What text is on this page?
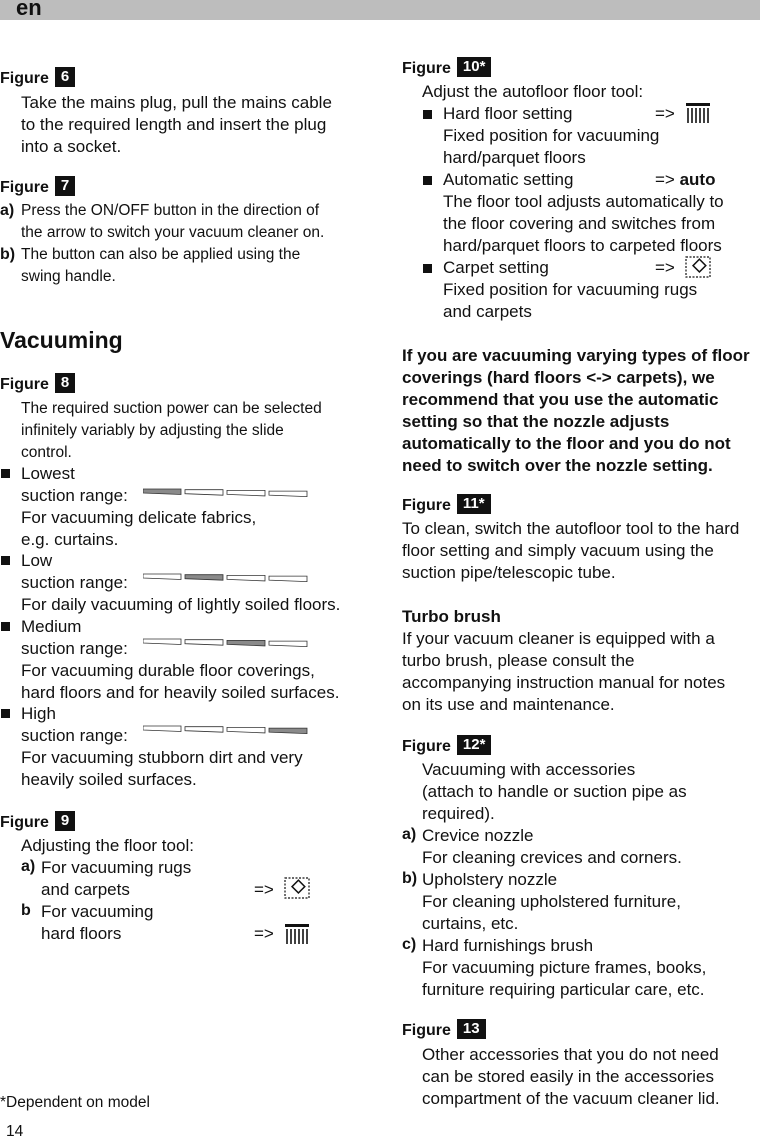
en
Figure 6
Take the mains plug, pull the mains cable
to the required length and insert the plug
into a socket.
Figure 7
a) Press the ON/OFF button in the direction of
the arrow to switch your vacuum cleaner on.
b) The button can also be applied using the
swing handle.
Vacuuming
Figure 8
The required suction power can be selected
infinitely variably by adjusting the slide
control.
Lowest
suction range:
For vacuuming delicate fabrics,
e.g. curtains.
Low
suction range:
For daily vacuuming of lightly soiled floors.
Medium
suction range:
For vacuuming durable floor coverings,
hard floors and for heavily soiled surfaces.
High
suction range:
For vacuuming stubborn dirt and very
heavily soiled surfaces.
Figure 9
Adjusting the floor tool:
a) For vacuuming rugs
and carpets	=>
b For vacuuming
hard floors	=>
*Dependent on model
14
Figure 10*
Adjust the autofloor floor tool:
Hard floor setting
Fixed position for vacuuming
hard/parquet floors
=>
Automatic setting
The floor tool adjusts automatically to
the floor covering and switches from
hard/parquet floors to carpeted floors
=> auto
Carpet setting
Fixed position for vacuuming rugs
and carpets
=>
If you are vacuuming varying types of floor
coverings (hard floors <-> carpets), we
recommend that you use the automatic
setting so that the nozzle adjusts
automatically to the floor and you do not
need to switch over the nozzle setting.
Figure 11*
To clean, switch the autofloor tool to the hard
floor setting and simply vacuum using the
suction pipe/telescopic tube.
Turbo brush
If your vacuum cleaner is equipped with a
turbo brush, please consult the
accompanying instruction manual for notes
on its use and maintenance.
Figure 12*
Vacuuming with accessories
(attach to handle or suction pipe as
required).
a) Crevice nozzle
For cleaning crevices and corners.
b) Upholstery nozzle
For cleaning upholstered furniture,
curtains, etc.
c) Hard furnishings brush
For vacuuming picture frames, books,
furniture requiring particular care, etc.
Figure 13
Other accessories that you do not need
can be stored easily in the accessories
compartment of the vacuum cleaner lid.
